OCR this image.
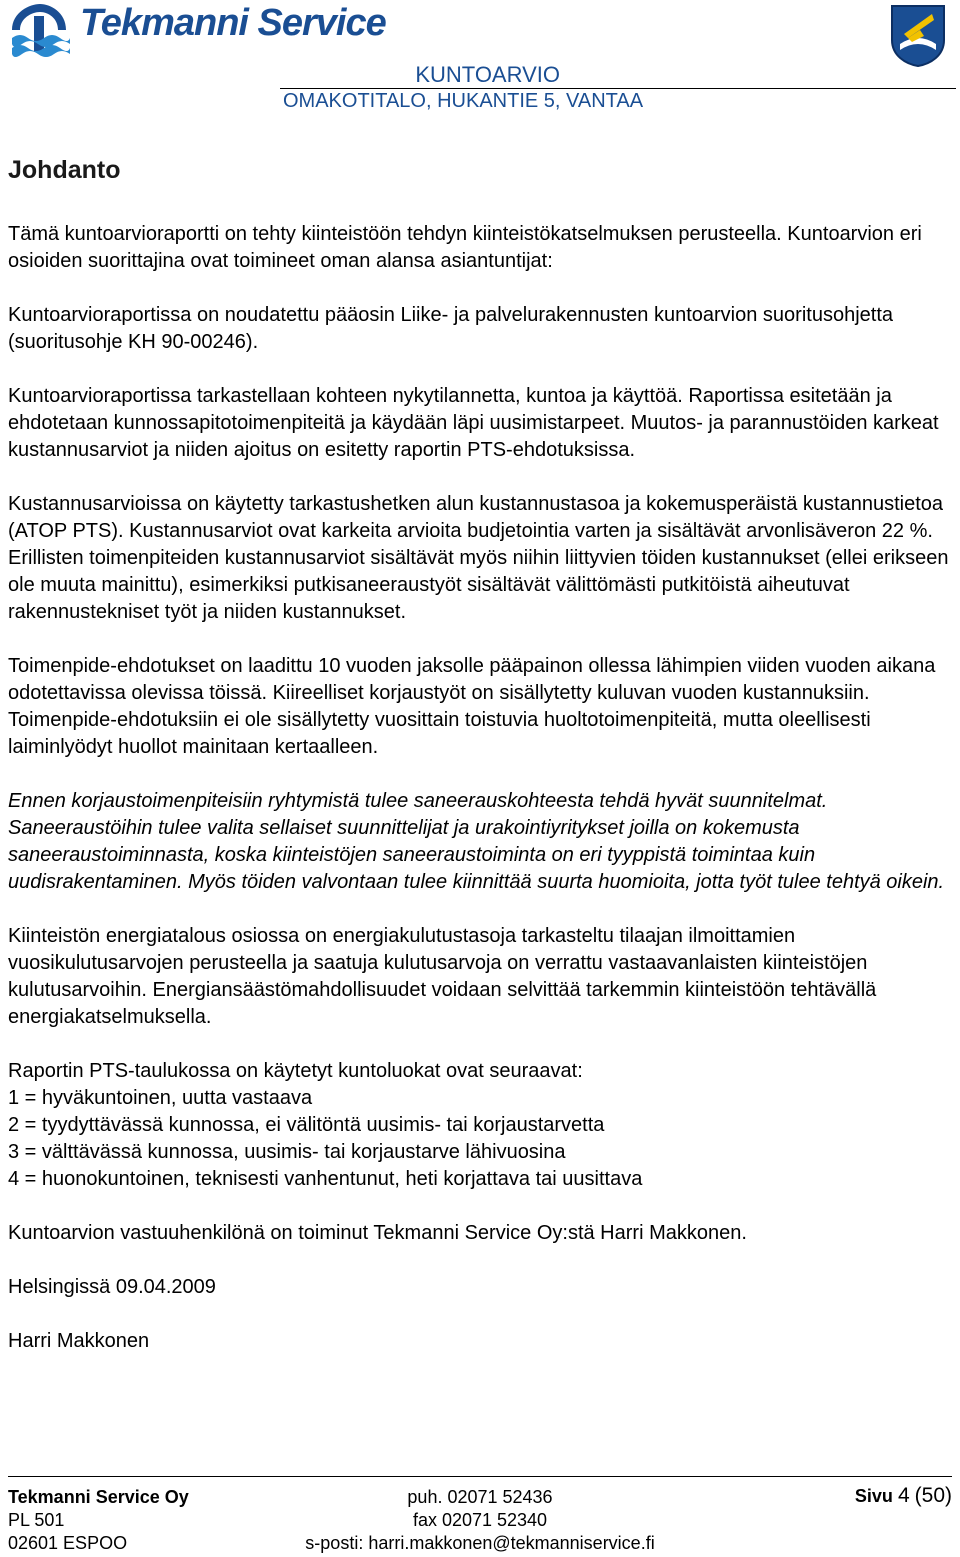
Tekmanni Service
KUNTOARVIO
OMAKOTITALO, HUKANTIE 5, VANTAA
Johdanto

Tämä kuntoarvioraportti on tehty kiinteistöön tehdyn kiinteistökatselmuksen perusteella. Kuntoarvion eri osioiden suorittajina ovat toimineet oman alansa asiantuntijat:

Kuntoarvioraportissa on noudatettu pääosin Liike- ja palvelurakennusten kuntoarvion suoritusohjetta (suoritusohje KH 90-00246).

Kuntoarvioraportissa tarkastellaan kohteen nykytilannetta, kuntoa ja käyttöä. Raportissa esitetään ja ehdotetaan kunnossapitotoimenpiteitä ja käydään läpi uusimistarpeet. Muutos- ja parannustöiden karkeat kustannusarviot ja niiden ajoitus on esitetty raportin PTS-ehdotuksissa.

Kustannusarvioissa on käytetty tarkastushetken alun kustannustasoa ja kokemusperäistä kustannustietoa (ATOP PTS). Kustannusarviot ovat karkeita arvioita budjetointia varten ja sisältävät arvonlisäveron 22 %. Erillisten toimenpiteiden kustannusarviot sisältävät myös niihin liittyvien töiden kustannukset (ellei erikseen ole muuta mainittu), esimerkiksi putkisaneeraustyöt sisältävät välittömästi putkitöistä aiheutuvat rakennustekniset työt ja niiden kustannukset.

Toimenpide-ehdotukset on laadittu 10 vuoden jaksolle pääpainon ollessa lähimpien viiden vuoden aikana odotettavissa olevissa töissä. Kiireelliset korjaustyöt on sisällytetty kuluvan vuoden kustannuksiin. Toimenpide-ehdotuksiin ei ole sisällytetty vuosittain toistuvia huoltotoimenpiteitä, mutta oleellisesti laiminlyödyt huollot mainitaan kertaalleen.

Ennen korjaustoimenpiteisiin ryhtymistä tulee saneerauskohteesta tehdä hyvät suunnitelmat. Saneeraustöihin tulee valita sellaiset suunnittelijat ja urakointiyritykset joilla on kokemusta saneeraustoiminnasta, koska kiinteistöjen saneeraustoiminta on eri tyyppistä toimintaa kuin uudisrakentaminen. Myös töiden valvontaan tulee kiinnittää suurta huomioita, jotta työt tulee tehtyä oikein.

Kiinteistön energiatalous osiossa on energiakulutustasoja tarkasteltu tilaajan ilmoittamien vuosikulutusarvojen perusteella ja saatuja kulutusarvoja on verrattu vastaavanlaisten kiinteistöjen kulutusarvoihin. Energiansäästömahdollisuudet voidaan selvittää tarkemmin kiinteistöön tehtävällä energiakatselmuksella.

Raportin PTS-taulukossa on käytetyt kuntoluokat ovat seuraavat:
1 = hyväkuntoinen, uutta vastaava
2 = tyydyttävässä kunnossa, ei välitöntä uusimis- tai korjaustarvetta
3 = välttävässä kunnossa, uusimis- tai korjaustarve lähivuosina
4 = huonokuntoinen, teknisesti vanhentunut, heti korjattava tai uusittava

Kuntoarvion vastuuhenkilönä on toiminut Tekmanni Service Oy:stä Harri Makkonen.

Helsingissä 09.04.2009

Harri Makkonen

Tekmanni Service Oy
PL 501
02601 ESPOO
puh. 02071 52436
fax 02071 52340
s-posti: harri.makkonen@tekmanniservice.fi
Sivu 4 (50)
